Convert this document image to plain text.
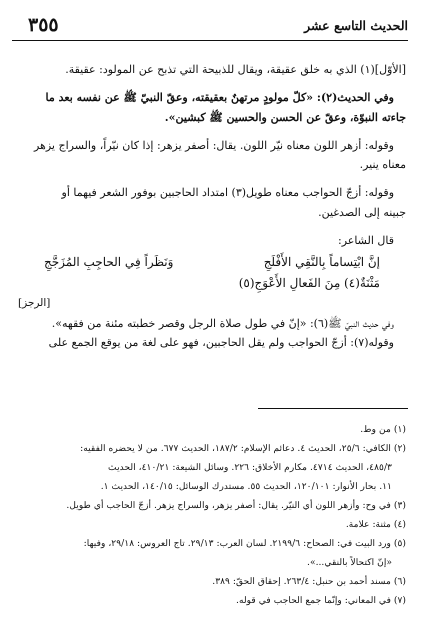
الحديث التاسع عشر
٣٥٥

[الأوّل](١) الذي به خلق عقيقة، ويقال للذبيحة التي تذبح عن المولود: عقيقة.

وفي الحديث(٢): «كلّ مولودٍ مرتهنٌ بعقيقته، وعقّ النبيّ ﷺ عن نفسه بعد ما

جاءته النبوّة، وعقّ عن الحسن والحسين ﷺ كبشين».

وقوله: أزهر اللون معناه نيّر اللون. يقال: أصفر يزهر: إذا كان نيّراً، والسراج يزهر

معناه ينير.

وقوله: أزجّ الحواجب معناه طويل(٣) امتداد الحاجبين بوفور الشعر فيهما أو

جبينه إلى الصدغين.

قال الشاعر:

إنَّ ابْتِساماً بِالنَّقِي الأَفْلَجِ
وَنَظَراً فِي الحاجِبِ المُزَجَّجِ
مَثْنَةٌ(٤) مِنَ الفَعالِ الأَعْوَجِ(٥)

[الرجز]

وفي حديث النبيّ ﷺ(٦): «إنّ في طول صلاة الرجل وقصر خطبته مئنة من فقهه».

وقوله(٧): أزجّ الحواجب ولم يقل الحاجبين، فهو على لغة من يوقع الجمع على

(١) من وط.

(٢) الكافي: ٢٥/٦، الحديث ٤. دعائم الإسلام: ١٨٧/٢، الحديث ٦٧٧. من لا يحضره الفقيه:

٤٨٥/٣، الحديث ٤٧١٤. مكارم الأخلاق: ٢٢٦. وسائل الشيعة: ٤١٠/٢١، الحديث

١١. بحار الأنوار: ١٢٠/١٠١، الحديث ٥٥. مستدرك الوسائل: ١٤٠/١٥، الحديث ١.

(٣) في وح: وأزهر اللون أي النيّر. يقال: أصفر يزهر، والسراج يزهر. أزجّ الحاجب أي طويل.

(٤) مثنة: علامة.

(٥) ورد البيت في: الصحاح: ٢١٩٩/٦. لسان العرب: ٢٩/١٣. تاج العروس: ٢٩/١٨، وفيها:

«إنّ اكتحالاً بالنقي...».

(٦) مسند أحمد بن حنبل: ٢٦٣/٤. إحقاق الحقّ: ٣٨٩.

(٧) في المعاني: وإنّما جمع الحاجب في قوله.
